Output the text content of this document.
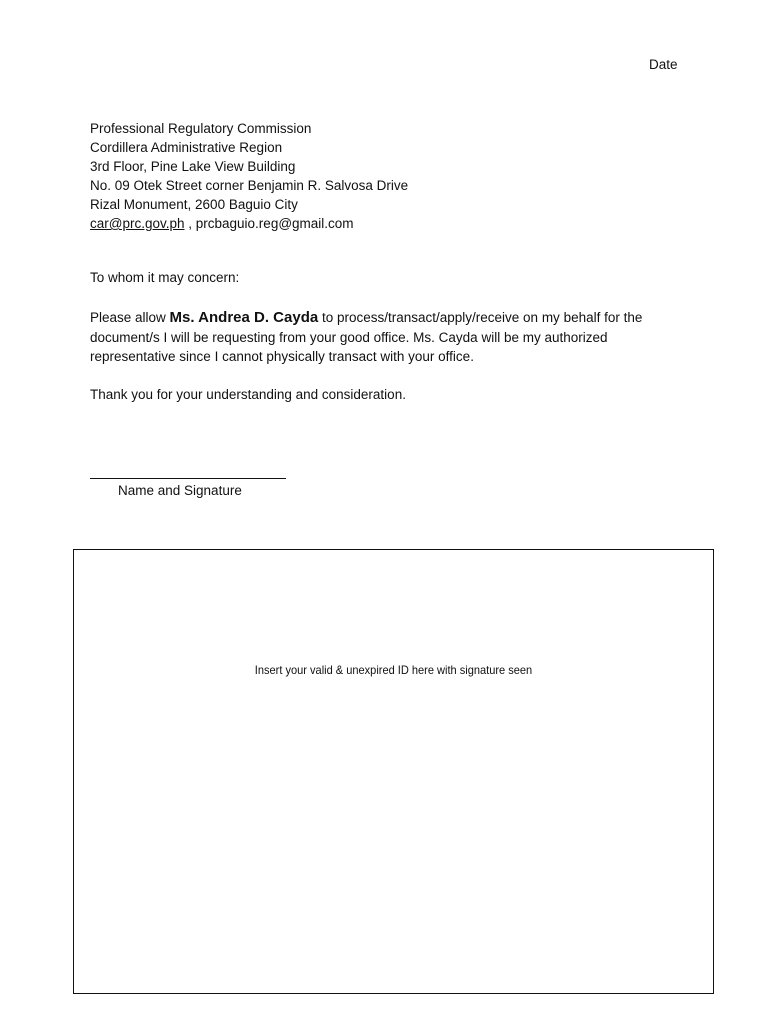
Date
Professional Regulatory Commission
Cordillera Administrative Region
3rd Floor, Pine Lake View Building
No. 09 Otek Street corner Benjamin R. Salvosa Drive
Rizal Monument, 2600 Baguio City
car@prc.gov.ph , prcbaguio.reg@gmail.com
To whom it may concern:
Please allow Ms. Andrea D. Cayda to process/transact/apply/receive on my behalf for the
document/s I will be requesting from your good office. Ms. Cayda will be my authorized
representative since I cannot physically transact with your office.
Thank you for your understanding and consideration.
Name and Signature
Insert your valid & unexpired ID here with signature seen
